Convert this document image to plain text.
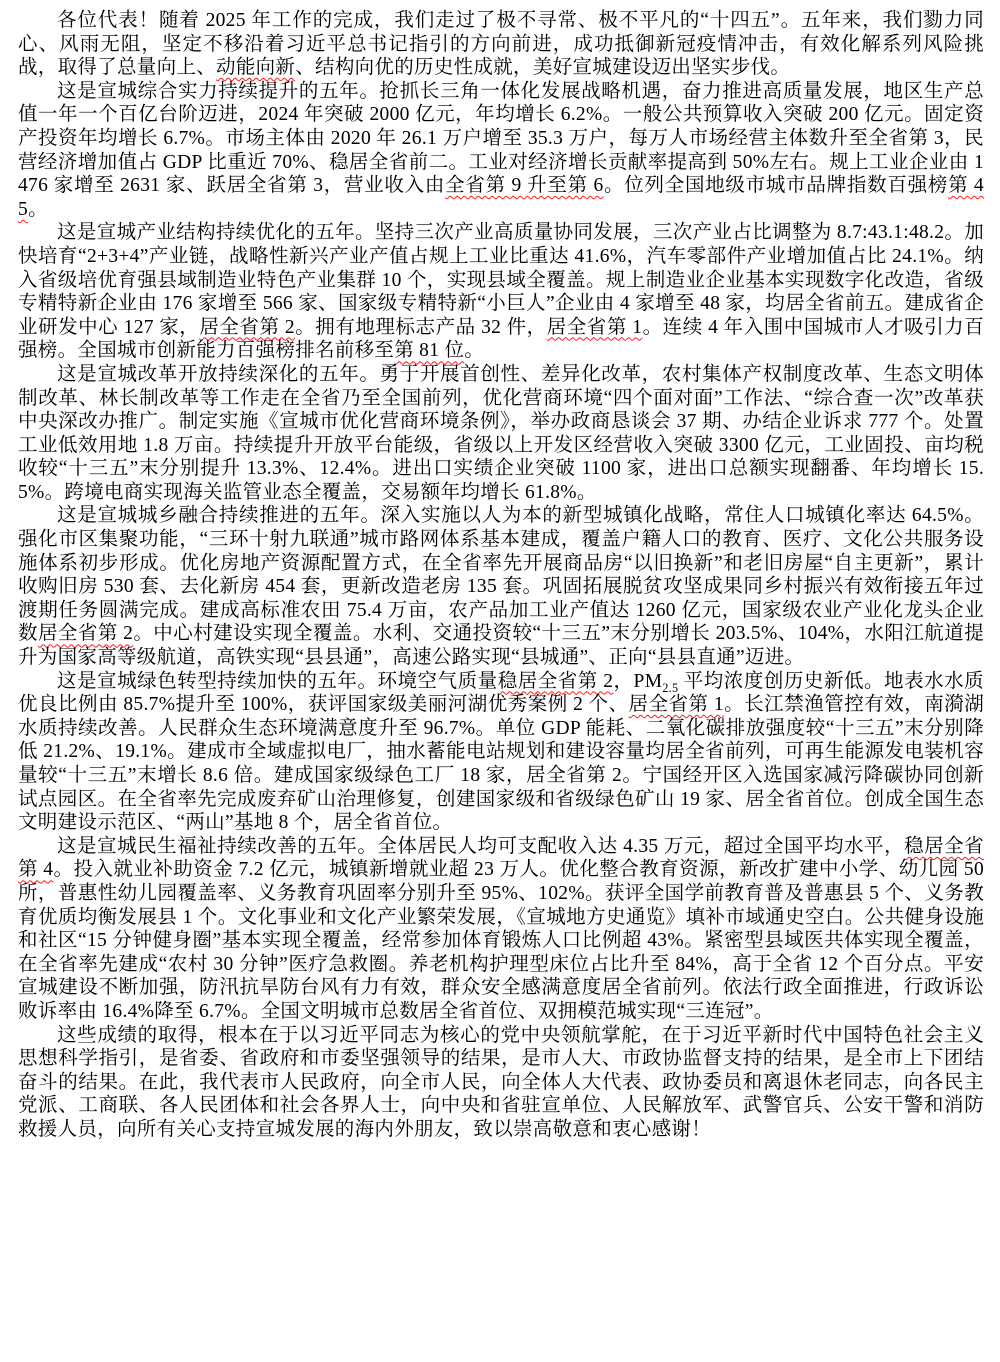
各位代表！随着 2025 年工作的完成，我们走过了极不寻常、极不平凡的“十四五”。五年来，我们勠力同心、风雨无阻，坚定不移沿着习近平总书记指引的方向前进，成功抵御新冠疫情冲击，有效化解系列风险挑战，取得了总量向上、动能向新、结构向优的历史性成就，美好宣城建设迈出坚实步伐。

这是宣城综合实力持续提升的五年。抢抓长三角一体化发展战略机遇，奋力推进高质量发展，地区生产总值一年一个百亿台阶迈进，2024 年突破 2000 亿元，年均增长 6.2%。一般公共预算收入突破 200 亿元。固定资产投资年均增长 6.7%。市场主体由 2020 年 26.1 万户增至 35.3 万户，每万人市场经营主体数升至全省第 3，民营经济增加值占 GDP 比重近 70%、稳居全省前二。工业对经济增长贡献率提高到 50%左右。规上工业企业由 1476 家增至 2631 家、跃居全省第 3，营业收入由全省第 9 升至第 6。位列全国地级市城市品牌指数百强榜第 45。

这是宣城产业结构持续优化的五年。坚持三次产业高质量协同发展，三次产业占比调整为 8.7:43.1:48.2。加快培育“2+3+4”产业链，战略性新兴产业产值占规上工业比重达 41.6%，汽车零部件产业增加值占比 24.1%。纳入省级培优育强县域制造业特色产业集群 10 个，实现县域全覆盖。规上制造业企业基本实现数字化改造，省级专精特新企业由 176 家增至 566 家、国家级专精特新“小巨人”企业由 4 家增至 48 家，均居全省前五。建成省企业研发中心 127 家，居全省第 2。拥有地理标志产品 32 件，居全省第 1。连续 4 年入围中国城市人才吸引力百强榜。全国城市创新能力百强榜排名前移至第 81 位。

这是宣城改革开放持续深化的五年。勇于开展首创性、差异化改革，农村集体产权制度改革、生态文明体制改革、林长制改革等工作走在全省乃至全国前列，优化营商环境“四个面对面”工作法、“综合查一次”改革获中央深改办推广。制定实施《宣城市优化营商环境条例》，举办政商恳谈会 37 期、办结企业诉求 777 个。处置工业低效用地 1.8 万亩。持续提升开放平台能级，省级以上开发区经营收入突破 3300 亿元，工业固投、亩均税收较“十三五”末分别提升 13.3%、12.4%。进出口实绩企业突破 1100 家，进出口总额实现翻番、年均增长 15.5%。跨境电商实现海关监管业态全覆盖，交易额年均增长 61.8%。

这是宣城城乡融合持续推进的五年。深入实施以人为本的新型城镇化战略，常住人口城镇化率达 64.5%。强化市区集聚功能，“三环十射九联通”城市路网体系基本建成，覆盖户籍人口的教育、医疗、文化公共服务设施体系初步形成。优化房地产资源配置方式，在全省率先开展商品房“以旧换新”和老旧房屋“自主更新”，累计收购旧房 530 套、去化新房 454 套，更新改造老房 135 套。巩固拓展脱贫攻坚成果同乡村振兴有效衔接五年过渡期任务圆满完成。建成高标准农田 75.4 万亩，农产品加工业产值达 1260 亿元，国家级农业产业化龙头企业数居全省第 2。中心村建设实现全覆盖。水利、交通投资较“十三五”末分别增长 203.5%、104%，水阳江航道提升为国家高等级航道，高铁实现“县县通”，高速公路实现“县城通”、正向“县县直通”迈进。

这是宣城绿色转型持续加快的五年。环境空气质量稳居全省第 2，$PM_{2.5}$ 平均浓度创历史新低。地表水水质优良比例由 85.7%提升至 100%，获评国家级美丽河湖优秀案例 2 个、居全省第 1。长江禁渔管控有效，南漪湖水质持续改善。人民群众生态环境满意度升至 96.7%。单位 GDP 能耗、二氧化碳排放强度较“十三五”末分别降低 21.2%、19.1%。建成市全域虚拟电厂，抽水蓄能电站规划和建设容量均居全省前列，可再生能源发电装机容量较“十三五”末增长 8.6 倍。建成国家级绿色工厂 18 家，居全省第 2。宁国经开区入选国家减污降碳协同创新试点园区。在全省率先完成废弃矿山治理修复，创建国家级和省级绿色矿山 19 家、居全省首位。创成全国生态文明建设示范区、“两山”基地 8 个，居全省首位。

这是宣城民生福祉持续改善的五年。全体居民人均可支配收入达 4.35 万元，超过全国平均水平，稳居全省第 4。投入就业补助资金 7.2 亿元，城镇新增就业超 23 万人。优化整合教育资源，新改扩建中小学、幼儿园 50 所，普惠性幼儿园覆盖率、义务教育巩固率分别升至 95%、102%。获评全国学前教育普及普惠县 5 个、义务教育优质均衡发展县 1 个。文化事业和文化产业繁荣发展，《宣城地方史通览》填补市域通史空白。公共健身设施和社区“15 分钟健身圈”基本实现全覆盖，经常参加体育锻炼人口比例超 43%。紧密型县域医共体实现全覆盖，在全省率先建成“农村 30 分钟”医疗急救圈。养老机构护理型床位占比升至 84%，高于全省 12 个百分点。平安宣城建设不断加强，防汛抗旱防台风有力有效，群众安全感满意度居全省前列。依法行政全面推进，行政诉讼败诉率由 16.4%降至 6.7%。全国文明城市总数居全省首位、双拥模范城实现“三连冠”。

这些成绩的取得，根本在于以习近平同志为核心的党中央领航掌舵，在于习近平新时代中国特色社会主义思想科学指引，是省委、省政府和市委坚强领导的结果，是市人大、市政协监督支持的结果，是全市上下团结奋斗的结果。在此，我代表市人民政府，向全市人民，向全体人大代表、政协委员和离退休老同志，向各民主党派、工商联、各人民团体和社会各界人士，向中央和省驻宣单位、人民解放军、武警官兵、公安干警和消防救援人员，向所有关心支持宣城发展的海内外朋友，致以崇高敬意和衷心感谢！
